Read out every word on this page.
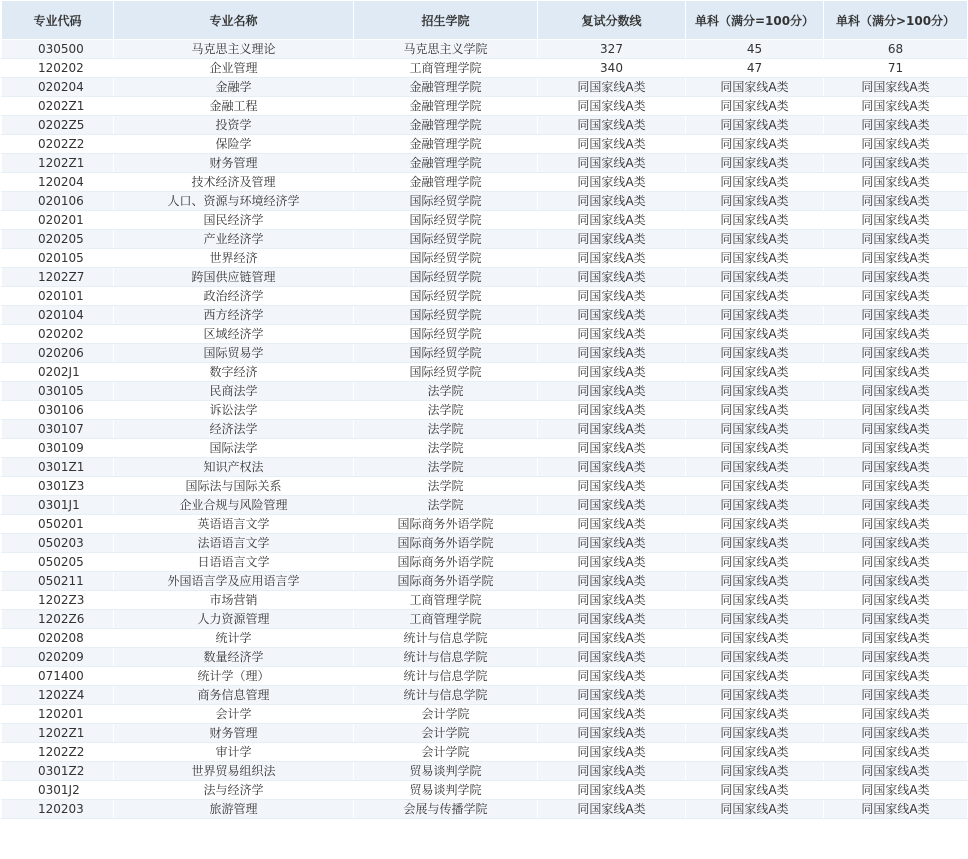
专业代码	专业名称	招生学院	复试分数线	单科（满分=100分）	单科（满分>100分）
030500	马克思主义理论	马克思主义学院	327	45	68
120202	企业管理	工商管理学院	340	47	71
020204	金融学	金融管理学院	同国家线A类	同国家线A类	同国家线A类
0202Z1	金融工程	金融管理学院	同国家线A类	同国家线A类	同国家线A类
0202Z5	投资学	金融管理学院	同国家线A类	同国家线A类	同国家线A类
0202Z2	保险学	金融管理学院	同国家线A类	同国家线A类	同国家线A类
1202Z1	财务管理	金融管理学院	同国家线A类	同国家线A类	同国家线A类
120204	技术经济及管理	金融管理学院	同国家线A类	同国家线A类	同国家线A类
020106	人口、资源与环境经济学	国际经贸学院	同国家线A类	同国家线A类	同国家线A类
020201	国民经济学	国际经贸学院	同国家线A类	同国家线A类	同国家线A类
020205	产业经济学	国际经贸学院	同国家线A类	同国家线A类	同国家线A类
020105	世界经济	国际经贸学院	同国家线A类	同国家线A类	同国家线A类
1202Z7	跨国供应链管理	国际经贸学院	同国家线A类	同国家线A类	同国家线A类
020101	政治经济学	国际经贸学院	同国家线A类	同国家线A类	同国家线A类
020104	西方经济学	国际经贸学院	同国家线A类	同国家线A类	同国家线A类
020202	区域经济学	国际经贸学院	同国家线A类	同国家线A类	同国家线A类
020206	国际贸易学	国际经贸学院	同国家线A类	同国家线A类	同国家线A类
0202J1	数字经济	国际经贸学院	同国家线A类	同国家线A类	同国家线A类
030105	民商法学	法学院	同国家线A类	同国家线A类	同国家线A类
030106	诉讼法学	法学院	同国家线A类	同国家线A类	同国家线A类
030107	经济法学	法学院	同国家线A类	同国家线A类	同国家线A类
030109	国际法学	法学院	同国家线A类	同国家线A类	同国家线A类
0301Z1	知识产权法	法学院	同国家线A类	同国家线A类	同国家线A类
0301Z3	国际法与国际关系	法学院	同国家线A类	同国家线A类	同国家线A类
0301J1	企业合规与风险管理	法学院	同国家线A类	同国家线A类	同国家线A类
050201	英语语言文学	国际商务外语学院	同国家线A类	同国家线A类	同国家线A类
050203	法语语言文学	国际商务外语学院	同国家线A类	同国家线A类	同国家线A类
050205	日语语言文学	国际商务外语学院	同国家线A类	同国家线A类	同国家线A类
050211	外国语言学及应用语言学	国际商务外语学院	同国家线A类	同国家线A类	同国家线A类
1202Z3	市场营销	工商管理学院	同国家线A类	同国家线A类	同国家线A类
1202Z6	人力资源管理	工商管理学院	同国家线A类	同国家线A类	同国家线A类
020208	统计学	统计与信息学院	同国家线A类	同国家线A类	同国家线A类
020209	数量经济学	统计与信息学院	同国家线A类	同国家线A类	同国家线A类
071400	统计学（理）	统计与信息学院	同国家线A类	同国家线A类	同国家线A类
1202Z4	商务信息管理	统计与信息学院	同国家线A类	同国家线A类	同国家线A类
120201	会计学	会计学院	同国家线A类	同国家线A类	同国家线A类
1202Z1	财务管理	会计学院	同国家线A类	同国家线A类	同国家线A类
1202Z2	审计学	会计学院	同国家线A类	同国家线A类	同国家线A类
0301Z2	世界贸易组织法	贸易谈判学院	同国家线A类	同国家线A类	同国家线A类
0301J2	法与经济学	贸易谈判学院	同国家线A类	同国家线A类	同国家线A类
120203	旅游管理	会展与传播学院	同国家线A类	同国家线A类	同国家线A类
